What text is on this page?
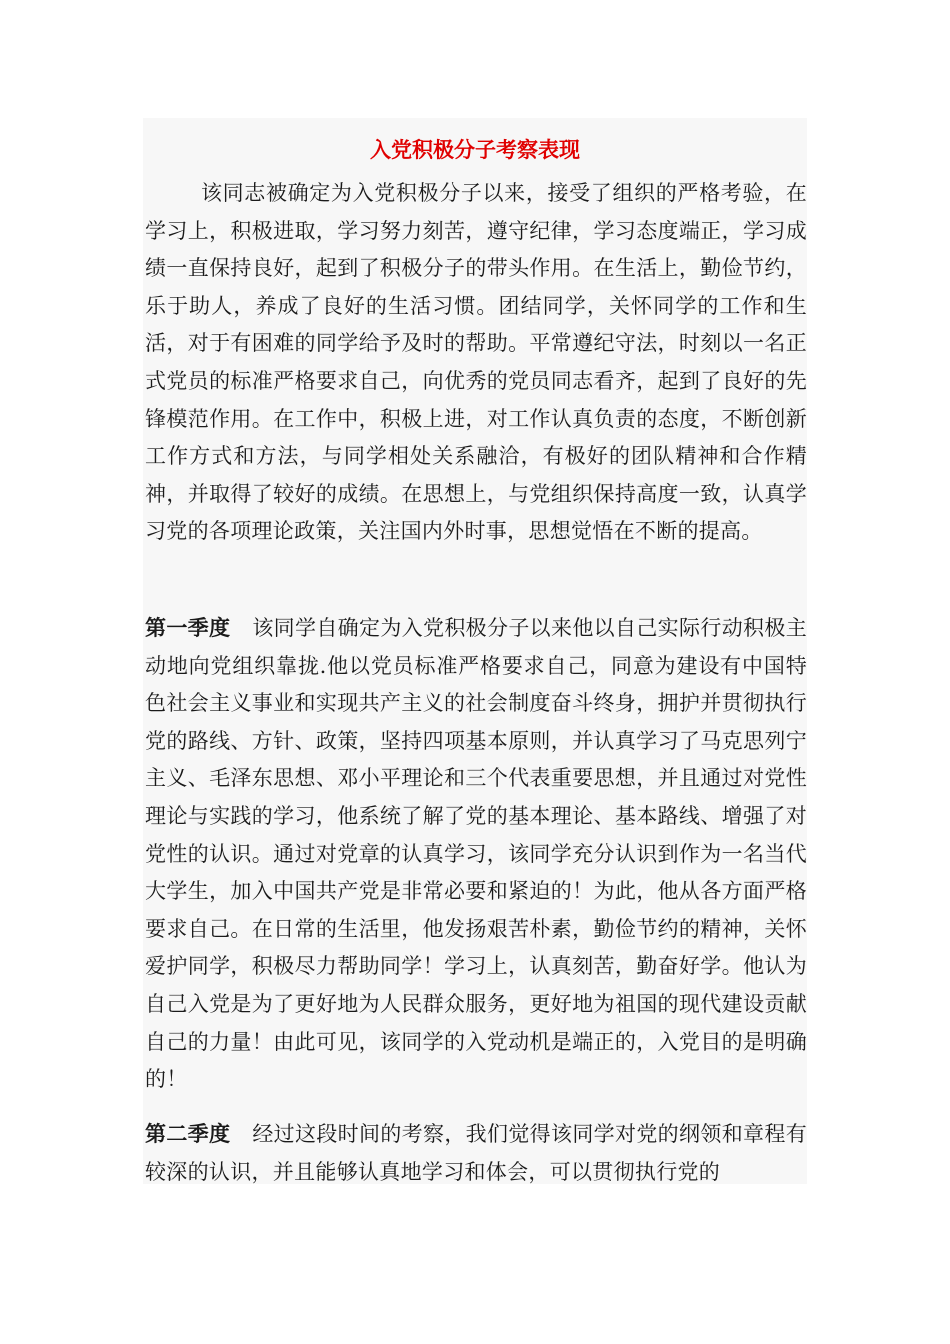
入党积极分子考察表现

该同志被确定为入党积极分子以来，接受了组织的严格考验，在学习上，积极进取，学习努力刻苦，遵守纪律，学习态度端正，学习成绩一直保持良好，起到了积极分子的带头作用。在生活上，勤俭节约，乐于助人，养成了良好的生活习惯。团结同学，关怀同学的工作和生活，对于有困难的同学给予及时的帮助。平常遵纪守法，时刻以一名正式党员的标准严格要求自己，向优秀的党员同志看齐，起到了良好的先锋模范作用。在工作中，积极上进，对工作认真负责的态度，不断创新工作方式和方法，与同学相处关系融洽，有极好的团队精神和合作精神，并取得了较好的成绩。在思想上，与党组织保持高度一致，认真学习党的各项理论政策，关注国内外时事，思想觉悟在不断的提高。

第一季度 该同学自确定为入党积极分子以来他以自己实际行动积极主动地向党组织靠拢.他以党员标准严格要求自己，同意为建设有中国特色社会主义事业和实现共产主义的社会制度奋斗终身，拥护并贯彻执行党的路线、方针、政策，坚持四项基本原则，并认真学习了马克思列宁主义、毛泽东思想、邓小平理论和三个代表重要思想，并且通过对党性理论与实践的学习，他系统了解了党的基本理论、基本路线、增强了对党性的认识。通过对党章的认真学习，该同学充分认识到作为一名当代大学生，加入中国共产党是非常必要和紧迫的！为此，他从各方面严格要求自己。在日常的生活里，他发扬艰苦朴素，勤俭节约的精神，关怀爱护同学，积极尽力帮助同学！学习上，认真刻苦，勤奋好学。他认为自己入党是为了更好地为人民群众服务，更好地为祖国的现代建设贡献自己的力量！由此可见，该同学的入党动机是端正的，入党目的是明确的！

第二季度 经过这段时间的考察，我们觉得该同学对党的纲领和章程有较深的认识，并且能够认真地学习和体会，可以贯彻执行党的
